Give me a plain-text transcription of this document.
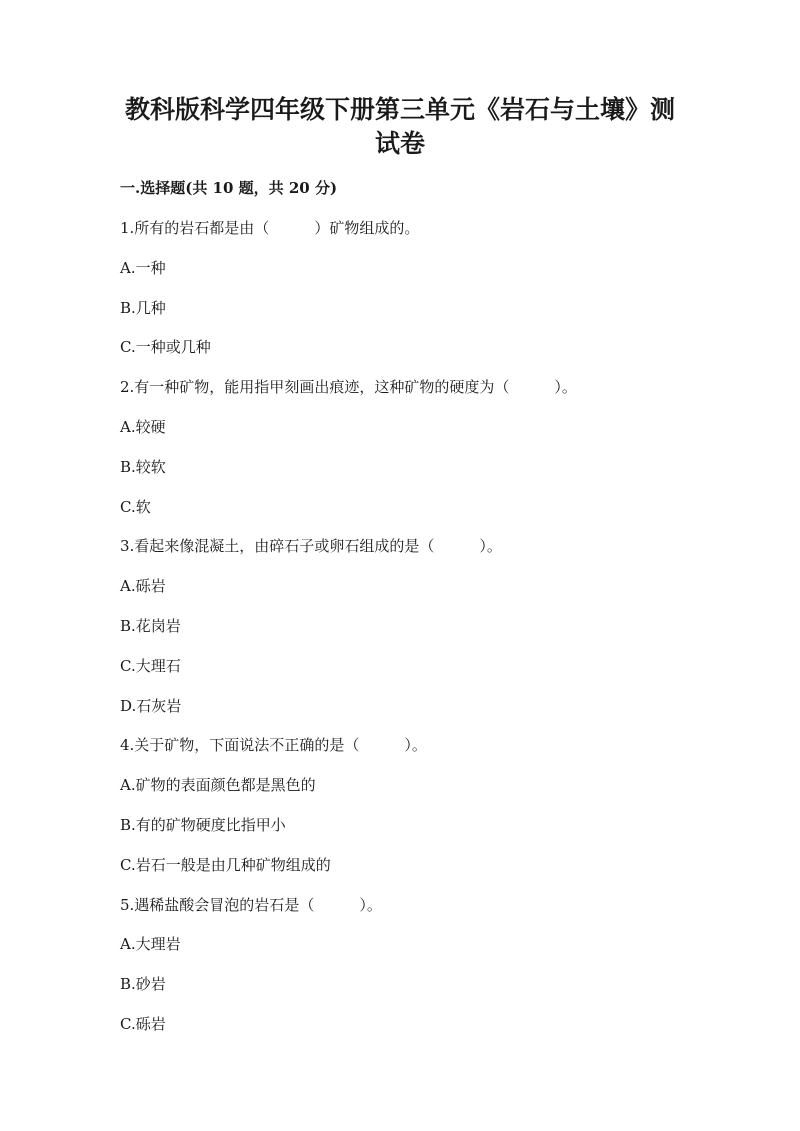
教科版科学四年级下册第三单元《岩石与土壤》测
试卷
一.选择题(共 10 题，共 20 分)
1.所有的岩石都是由（　　　）矿物组成的。
A.一种
B.几种
C.一种或几种
2.有一种矿物，能用指甲刻画出痕迹，这种矿物的硬度为（　　　）。
A.较硬
B.较软
C.软
3.看起来像混凝土，由碎石子或卵石组成的是（　　　）。
A.砾岩
B.花岗岩
C.大理石
D.石灰岩
4.关于矿物，下面说法不正确的是（　　　）。
A.矿物的表面颜色都是黑色的
B.有的矿物硬度比指甲小
C.岩石一般是由几种矿物组成的
5.遇稀盐酸会冒泡的岩石是（　　　）。
A.大理岩
B.砂岩
C.砾岩
